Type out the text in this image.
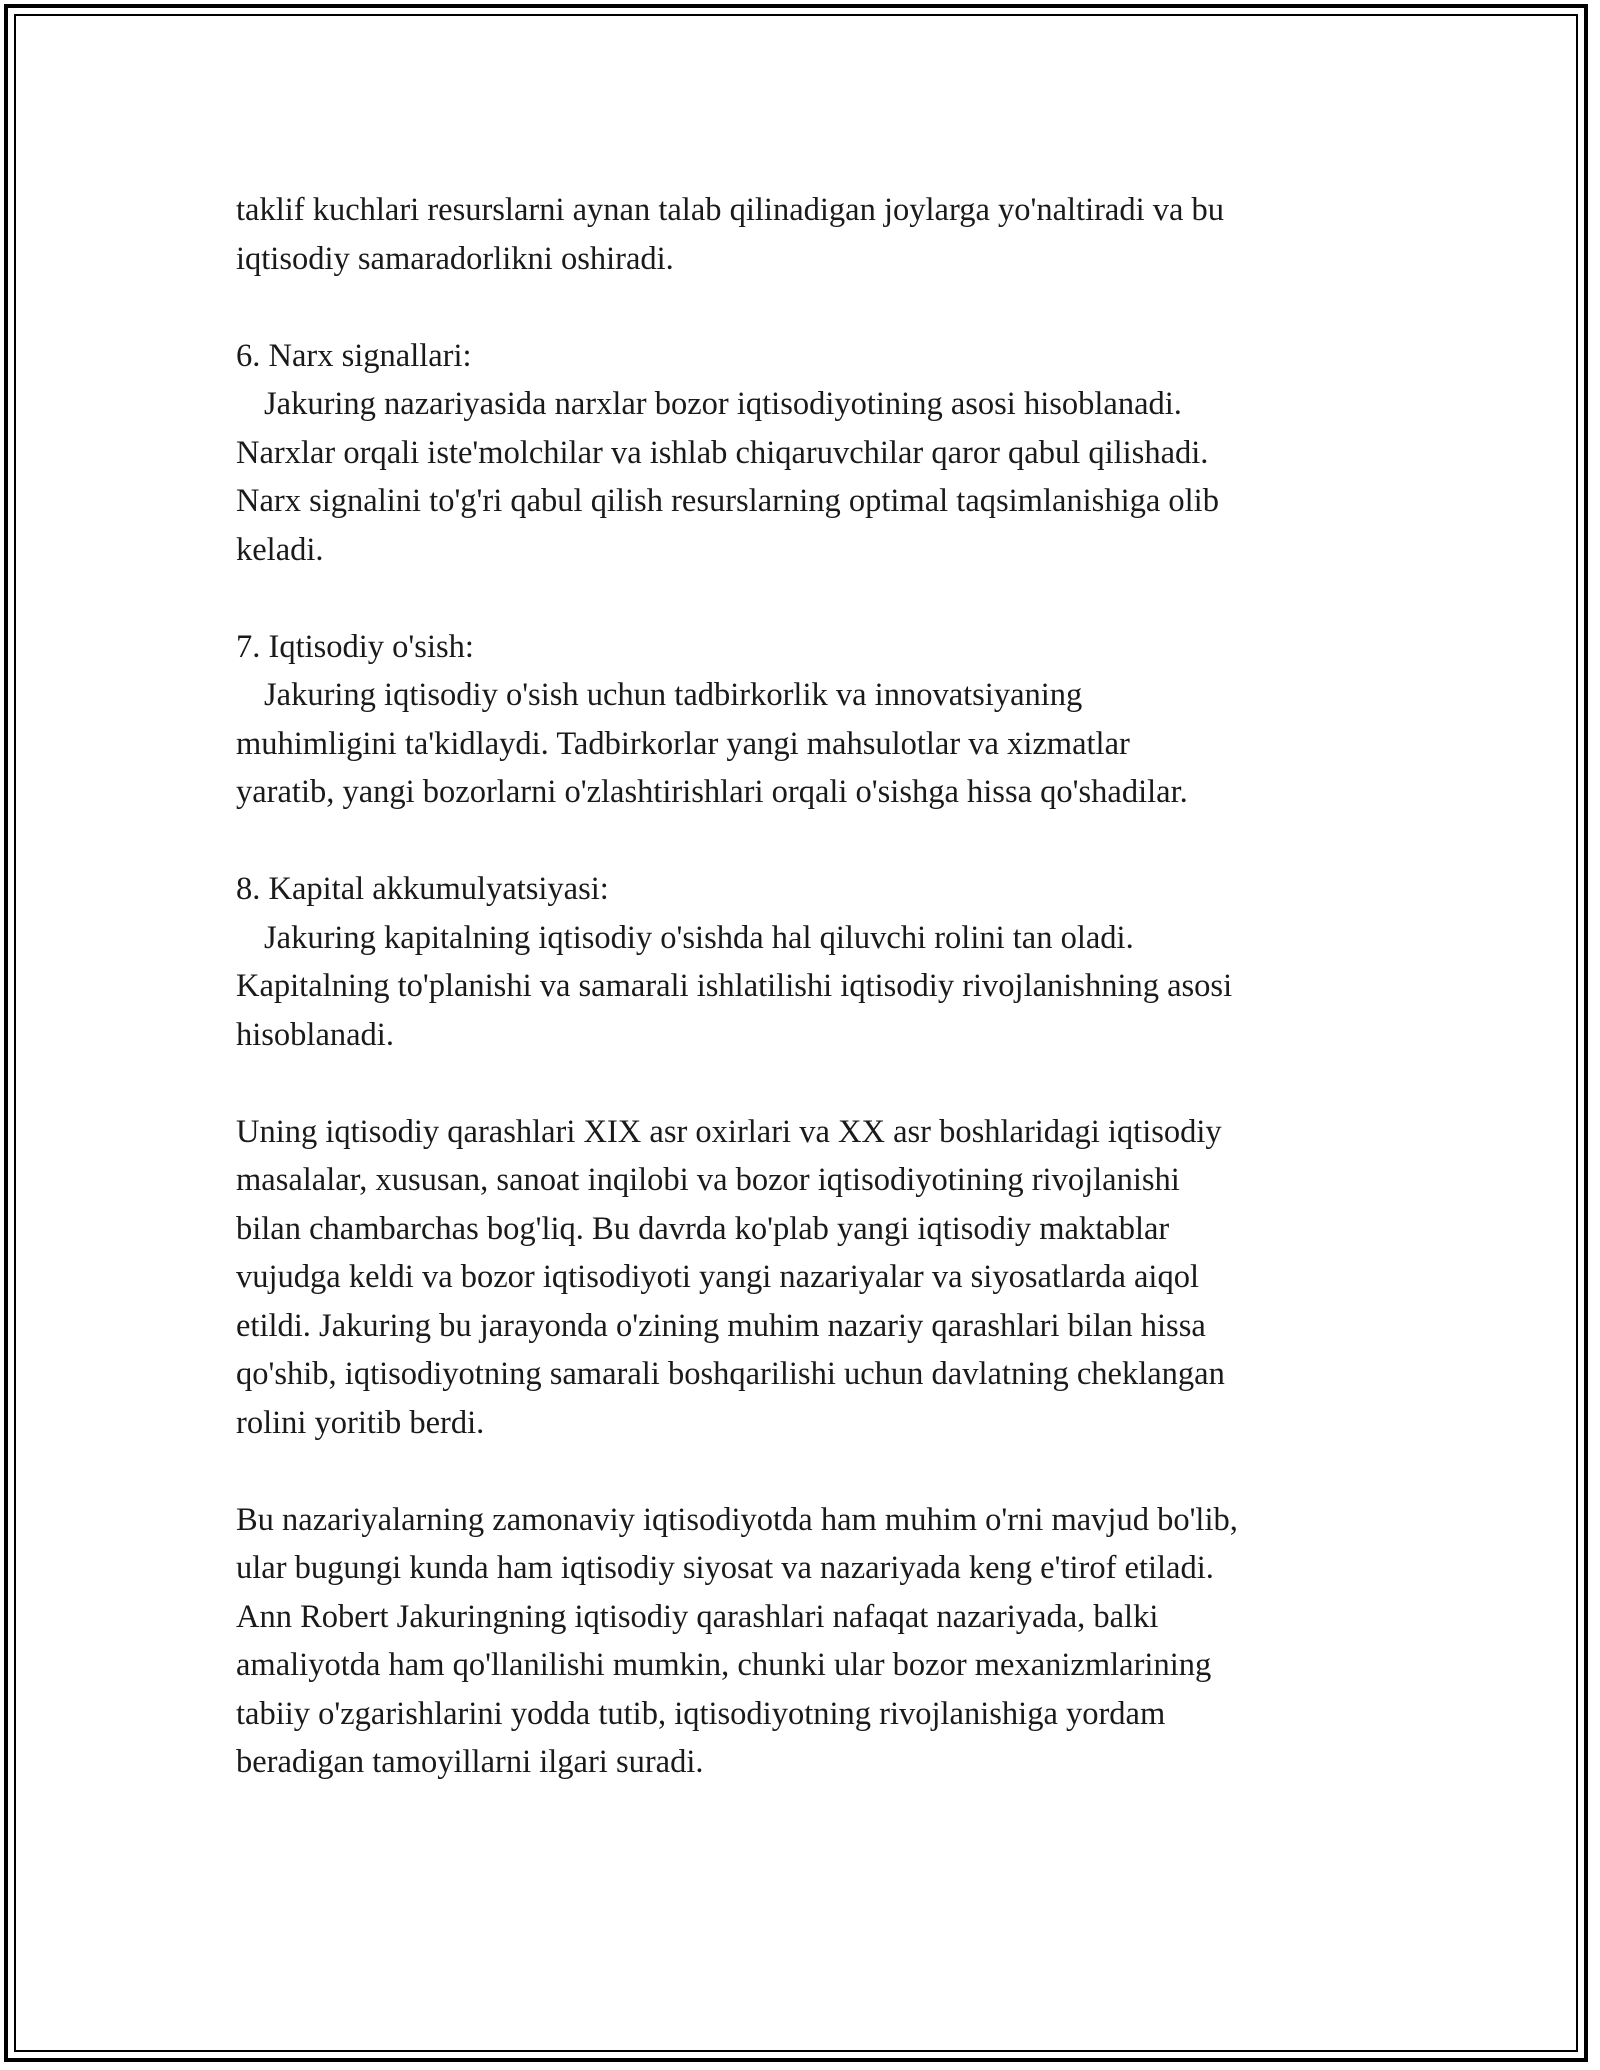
taklif kuchlari resurslarni aynan talab qilinadigan joylarga yo'naltiradi va bu
iqtisodiy samaradorlikni oshiradi.
6. Narx signallari:
Jakuring nazariyasida narxlar bozor iqtisodiyotining asosi hisoblanadi.
Narxlar orqali iste'molchilar va ishlab chiqaruvchilar qaror qabul qilishadi.
Narx signalini to'g'ri qabul qilish resurslarning optimal taqsimlanishiga olib
keladi.
7. Iqtisodiy o'sish:
Jakuring iqtisodiy o'sish uchun tadbirkorlik va innovatsiyaning
muhimligini ta'kidlaydi. Tadbirkorlar yangi mahsulotlar va xizmatlar
yaratib, yangi bozorlarni o'zlashtirishlari orqali o'sishga hissa qo'shadilar.
8. Kapital akkumulyatsiyasi:
Jakuring kapitalning iqtisodiy o'sishda hal qiluvchi rolini tan oladi.
Kapitalning to'planishi va samarali ishlatilishi iqtisodiy rivojlanishning asosi
hisoblanadi.
Uning iqtisodiy qarashlari XIX asr oxirlari va XX asr boshlaridagi iqtisodiy
masalalar, xususan, sanoat inqilobi va bozor iqtisodiyotining rivojlanishi
bilan chambarchas bog'liq. Bu davrda ko'plab yangi iqtisodiy maktablar
vujudga keldi va bozor iqtisodiyoti yangi nazariyalar va siyosatlarda aiqol
etildi. Jakuring bu jarayonda o'zining muhim nazariy qarashlari bilan hissa
qo'shib, iqtisodiyotning samarali boshqarilishi uchun davlatning cheklangan
rolini yoritib berdi.
Bu nazariyalarning zamonaviy iqtisodiyotda ham muhim o'rni mavjud bo'lib,
ular bugungi kunda ham iqtisodiy siyosat va nazariyada keng e'tirof etiladi.
Ann Robert Jakuringning iqtisodiy qarashlari nafaqat nazariyada, balki
amaliyotda ham qo'llanilishi mumkin, chunki ular bozor mexanizmlarining
tabiiy o'zgarishlarini yodda tutib, iqtisodiyotning rivojlanishiga yordam
beradigan tamoyillarni ilgari suradi.
